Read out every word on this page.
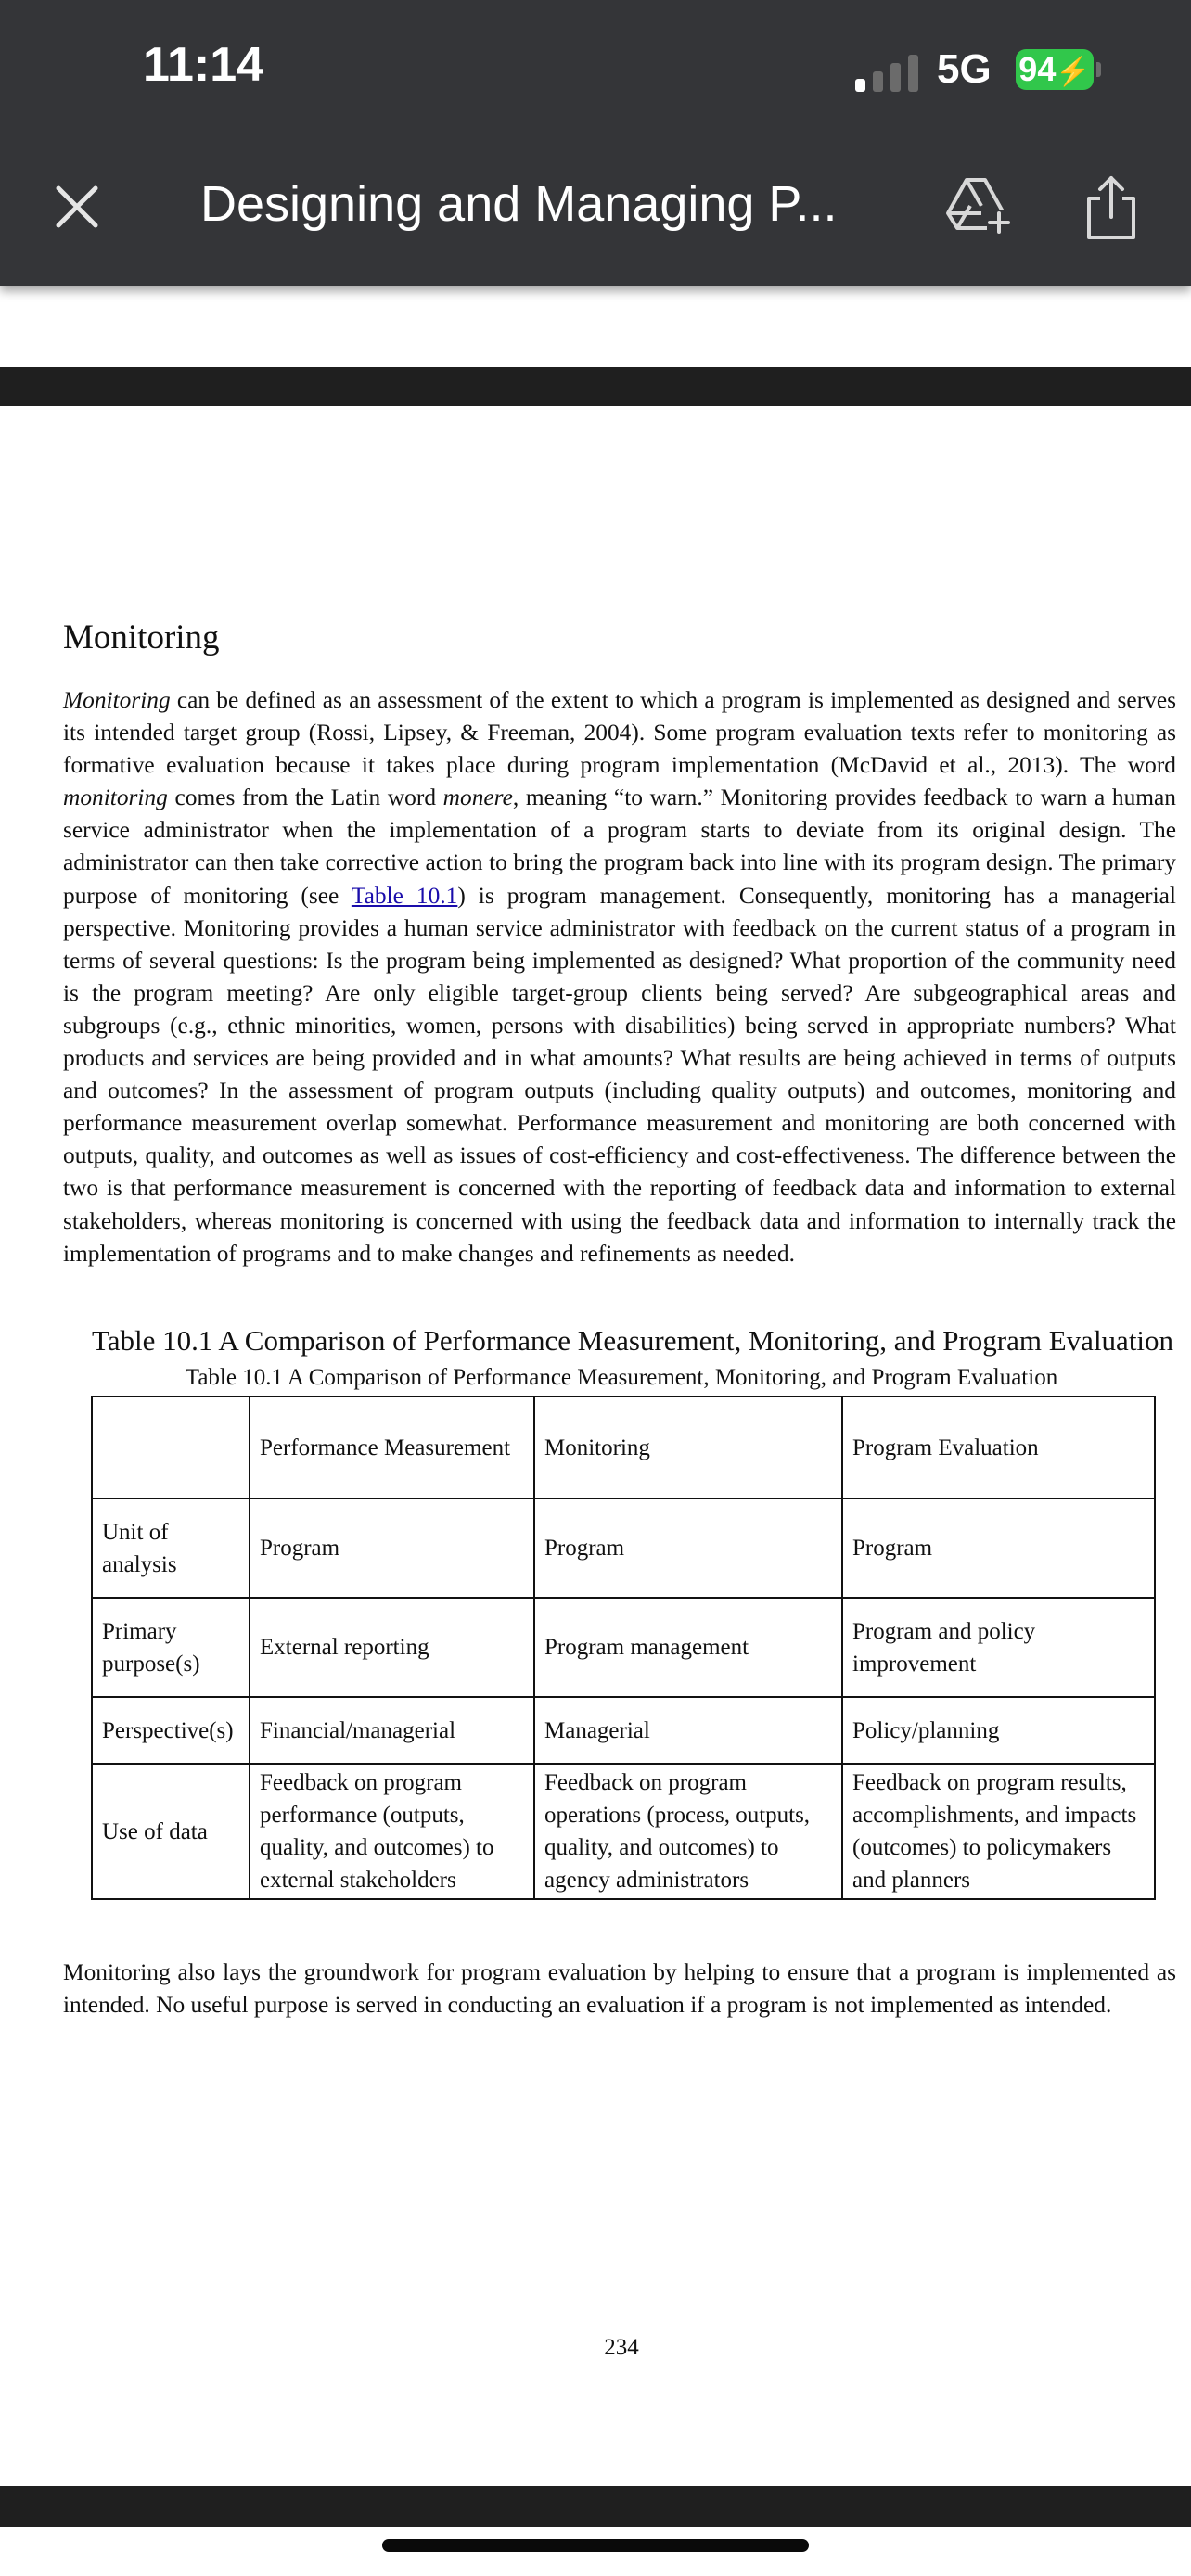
11:14	5G 94⚡
Designing and Managing P...
Monitoring

Monitoring can be defined as an assessment of the extent to which a program is implemented as designed and serves its intended target group (Rossi, Lipsey, & Freeman, 2004). Some program evaluation texts refer to monitoring as formative evaluation because it takes place during program implementation (McDavid et al., 2013). The word monitoring comes from the Latin word monere, meaning “to warn.” Monitoring provides feedback to warn a human service administrator when the implementation of a program starts to deviate from its original design. The administrator can then take corrective action to bring the program back into line with its program design. The primary purpose of monitoring (see Table 10.1) is program management. Consequently, monitoring has a managerial perspective. Monitoring provides a human service administrator with feedback on the current status of a program in terms of several questions: Is the program being implemented as designed? What proportion of the community need is the program meeting? Are only eligible target-group clients being served? Are subgeographical areas and subgroups (e.g., ethnic minorities, women, persons with disabilities) being served in appropriate numbers? What products and services are being provided and in what amounts? What results are being achieved in terms of outputs and outcomes? In the assessment of program outputs (including quality outputs) and outcomes, monitoring and performance measurement overlap somewhat. Performance measurement and monitoring are both concerned with outputs, quality, and outcomes as well as issues of cost-efficiency and cost-effectiveness. The difference between the two is that performance measurement is concerned with the reporting of feedback data and information to external stakeholders, whereas monitoring is concerned with using the feedback data and information to internally track the implementation of programs and to make changes and refinements as needed.

Table 10.1 A Comparison of Performance Measurement, Monitoring, and Program Evaluation
Table 10.1 A Comparison of Performance Measurement, Monitoring, and Program Evaluation
	Performance Measurement	Monitoring	Program Evaluation
Unit of analysis	Program	Program	Program
Primary purpose(s)	External reporting	Program management	Program and policy improvement
Perspective(s)	Financial/managerial	Managerial	Policy/planning
Use of data	Feedback on program performance (outputs, quality, and outcomes) to external stakeholders	Feedback on program operations (process, outputs, quality, and outcomes) to agency administrators	Feedback on program results, accomplishments, and impacts (outcomes) to policymakers and planners

Monitoring also lays the groundwork for program evaluation by helping to ensure that a program is implemented as intended. No useful purpose is served in conducting an evaluation if a program is not implemented as intended.

234
